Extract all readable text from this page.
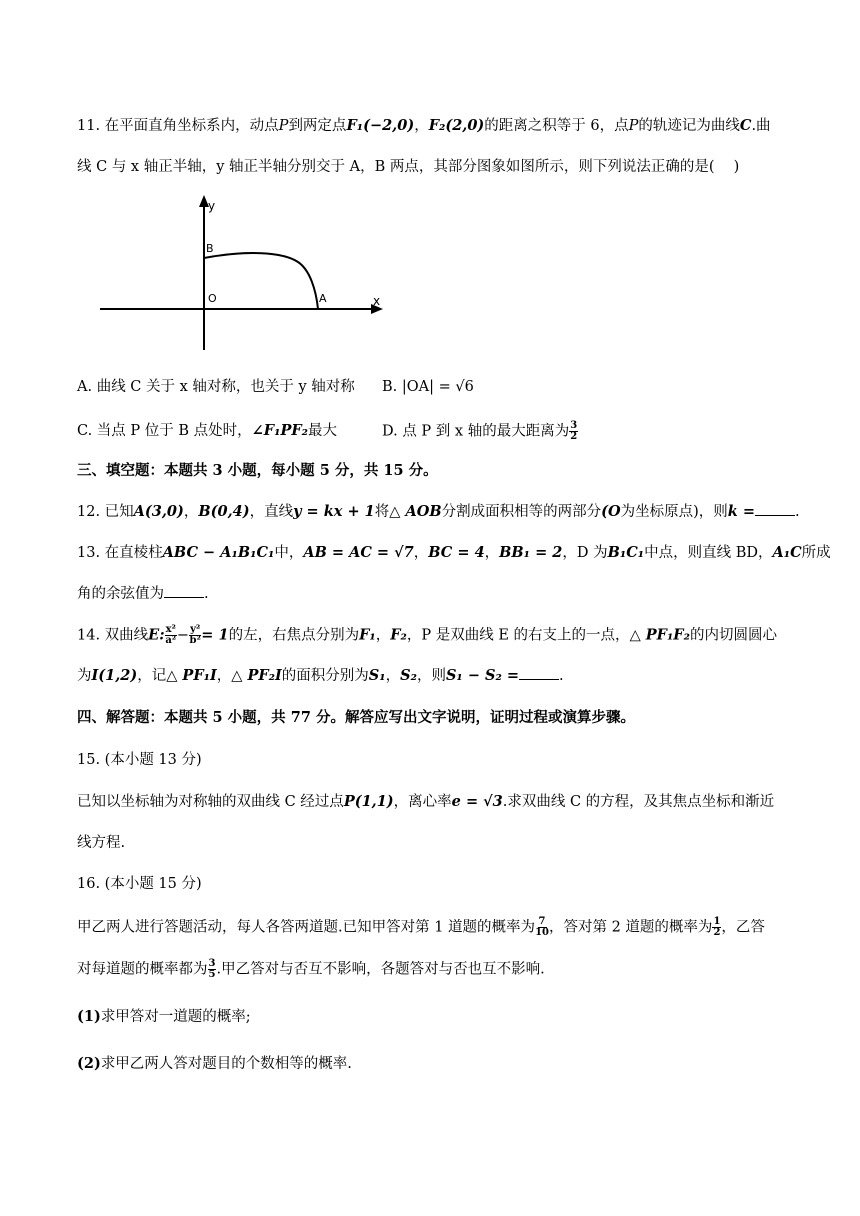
11. 在平面直角坐标系内，动点P到两定点F₁(−2,0)，F₂(2,0)的距离之积等于 6，点P的轨迹记为曲线C.曲
线 C 与 x 轴正半轴，y 轴正半轴分别交于 A，B 两点，其部分图象如图所示，则下列说法正确的是(　 )
y
x
B
O	A
A. 曲线 C 关于 x 轴对称，也关于 y 轴对称 B. |OA| = √6
C. 当点 P 位于 B 点处时，∠F₁PF₂最大	D. 点 P 到 x 轴的最大距离为 $\frac{3}{2}$
三、填空题：本题共 3 小题，每小题 5 分，共 15 分。
12. 已知A(3,0)，B(0,4)，直线y = kx + 1将△ AOB分割成面积相等的两部分(O为坐标原点)，则k =	.
13. 在直棱柱ABC − A₁B₁C₁中，AB = AC = √7，BC = 4，BB₁ = 2，D 为B₁C₁中点，则直线 BD，A₁C所成
角的余弦值为	.
14. 双曲线E: $\frac{\text{x²}}{\text{a²}} - \frac{\text{y²}}{\text{b²}} = 1$的左，右焦点分别为F₁，F₂，P 是双曲线 E 的右支上的一点，△ PF₁F₂的内切圆圆心
为I(1,2)，记△ PF₁I，△ PF₂I的面积分别为S₁，S₂，则S₁ − S₂ =	.
四、解答题：本题共 5 小题，共 77 分。解答应写出文字说明，证明过程或演算步骤。
15. (本小题 13 分)
已知以坐标轴为对称轴的双曲线 C 经过点P(1,1)，离心率e = √3.求双曲线 C 的方程，及其焦点坐标和渐近
线方程.
16. (本小题 15 分)
甲乙两人进行答题活动，每人各答两道题.已知甲答对第 1 道题的概率为 $\frac{7}{10}$ ，答对第 2 道题的概率为 $\frac{1}{2}$ ，乙答
对每道题的概率都为 $\frac{3}{5}$ .甲乙答对与否互不影响，各题答对与否也互不影响.
(1)求甲答对一道题的概率;
(2)求甲乙两人答对题目的个数相等的概率.
